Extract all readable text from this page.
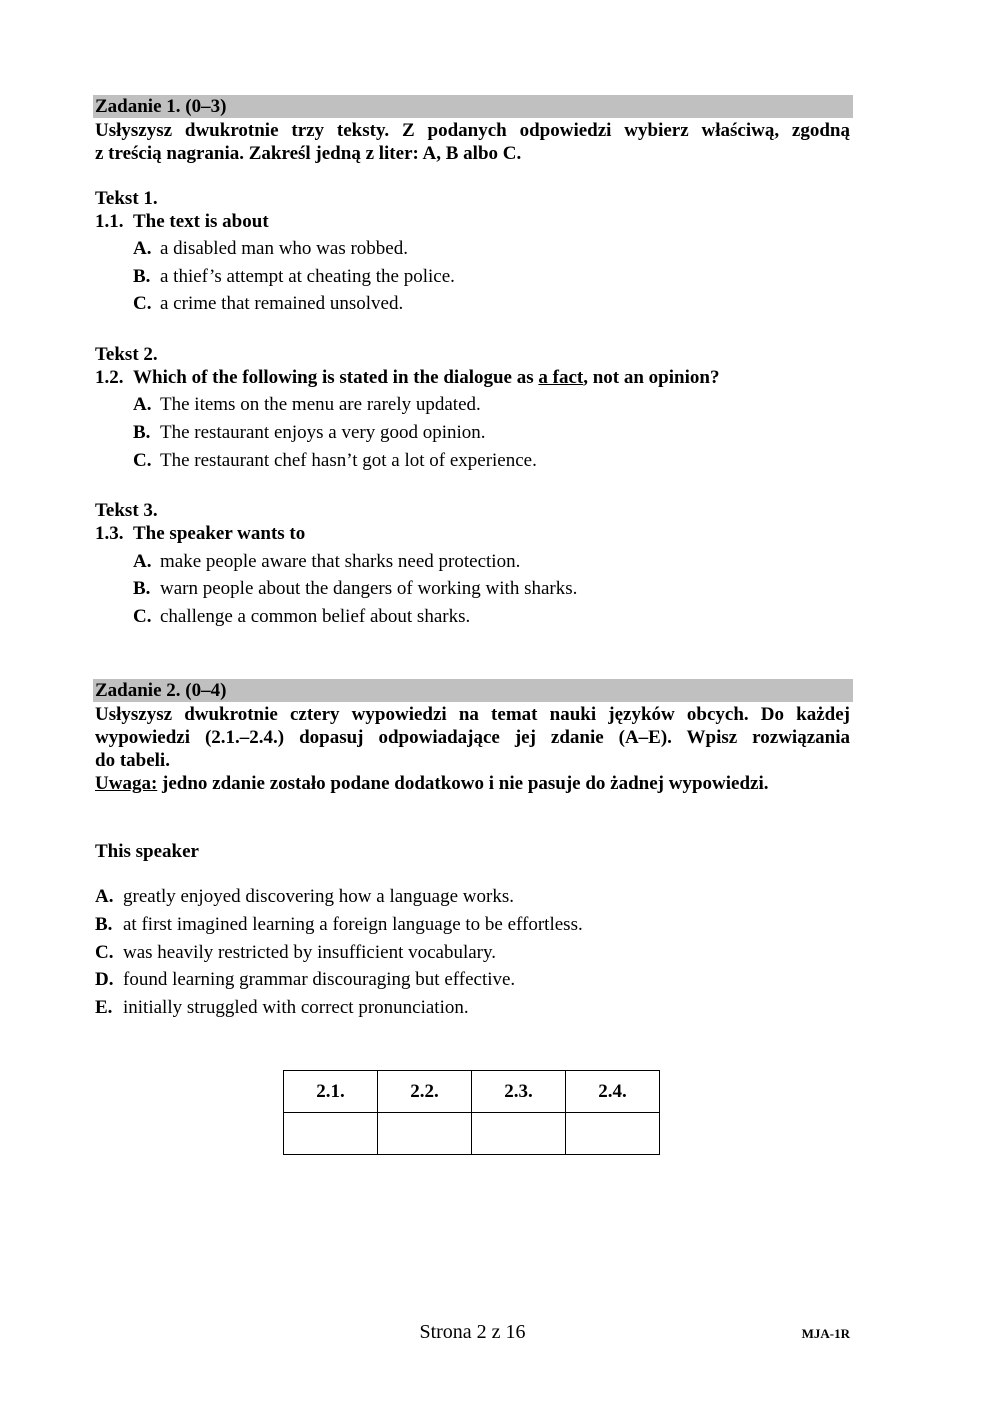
Zadanie 1. (0–3)
Usłyszysz dwukrotnie trzy teksty. Z podanych odpowiedzi wybierz właściwą, zgodną
z treścią nagrania. Zakreśl jedną z liter: A, B albo C.
Tekst 1.
1.1. The text is about
A. a disabled man who was robbed.
B. a thief’s attempt at cheating the police.
C. a crime that remained unsolved.
Tekst 2.
1.2. Which of the following is stated in the dialogue as a fact, not an opinion?
A. The items on the menu are rarely updated.
B. The restaurant enjoys a very good opinion.
C. The restaurant chef hasn’t got a lot of experience.
Tekst 3.
1.3. The speaker wants to
A. make people aware that sharks need protection.
B. warn people about the dangers of working with sharks.
C. challenge a common belief about sharks.
Zadanie 2. (0–4)
Usłyszysz dwukrotnie cztery wypowiedzi na temat nauki języków obcych. Do każdej
wypowiedzi (2.1.–2.4.) dopasuj odpowiadające jej zdanie (A–E). Wpisz rozwiązania
do tabeli.
Uwaga: jedno zdanie zostało podane dodatkowo i nie pasuje do żadnej wypowiedzi.
This speaker
A. greatly enjoyed discovering how a language works.
B. at first imagined learning a foreign language to be effortless.
C. was heavily restricted by insufficient vocabulary.
D. found learning grammar discouraging but effective.
E. initially struggled with correct pronunciation.
2.1.	2.2.	2.3.	2.4.

Strona 2 z 16	MJA-1R
